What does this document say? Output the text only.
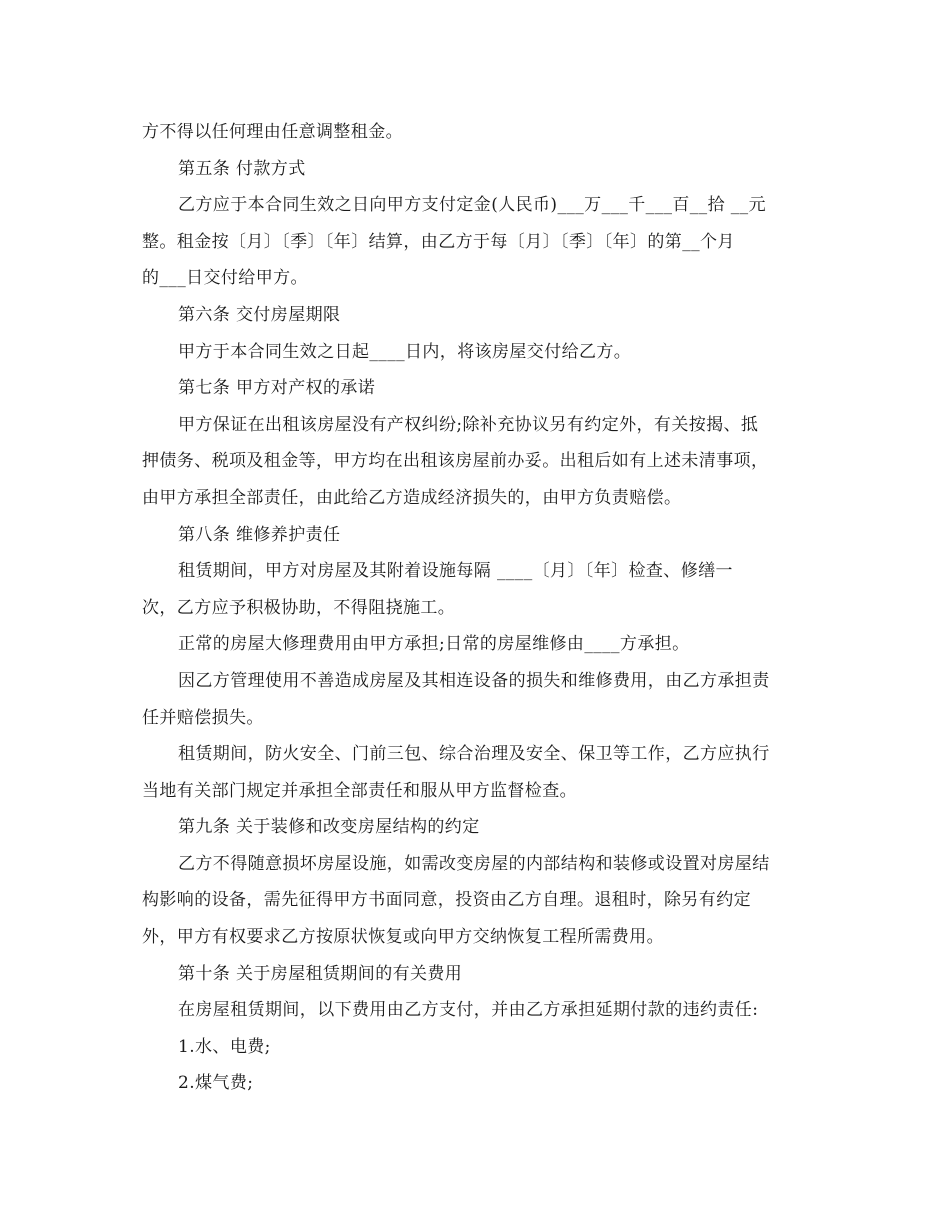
方不得以任何理由任意调整租金。
第五条 付款方式
乙方应于本合同生效之日向甲方支付定金(人民币)___万___千___百__拾 __元
整。租金按〔月〕〔季〕〔年〕结算，由乙方于每〔月〕〔季〕〔年〕的第__个月
的___日交付给甲方。
第六条 交付房屋期限
甲方于本合同生效之日起____日内，将该房屋交付给乙方。
第七条 甲方对产权的承诺
甲方保证在出租该房屋没有产权纠纷;除补充协议另有约定外，有关按揭、抵
押债务、税项及租金等，甲方均在出租该房屋前办妥。出租后如有上述未清事项，
由甲方承担全部责任，由此给乙方造成经济损失的，由甲方负责赔偿。
第八条 维修养护责任
租赁期间，甲方对房屋及其附着设施每隔 ____〔月〕〔年〕检查、修缮一
次，乙方应予积极协助，不得阻挠施工。
正常的房屋大修理费用由甲方承担;日常的房屋维修由____方承担。
因乙方管理使用不善造成房屋及其相连设备的损失和维修费用，由乙方承担责
任并赔偿损失。
租赁期间，防火安全、门前三包、综合治理及安全、保卫等工作，乙方应执行
当地有关部门规定并承担全部责任和服从甲方监督检查。
第九条 关于装修和改变房屋结构的约定
乙方不得随意损坏房屋设施，如需改变房屋的内部结构和装修或设置对房屋结
构影响的设备，需先征得甲方书面同意，投资由乙方自理。退租时，除另有约定
外，甲方有权要求乙方按原状恢复或向甲方交纳恢复工程所需费用。
第十条 关于房屋租赁期间的有关费用
在房屋租赁期间，以下费用由乙方支付，并由乙方承担延期付款的违约责任:
1.水、电费;
2.煤气费;
